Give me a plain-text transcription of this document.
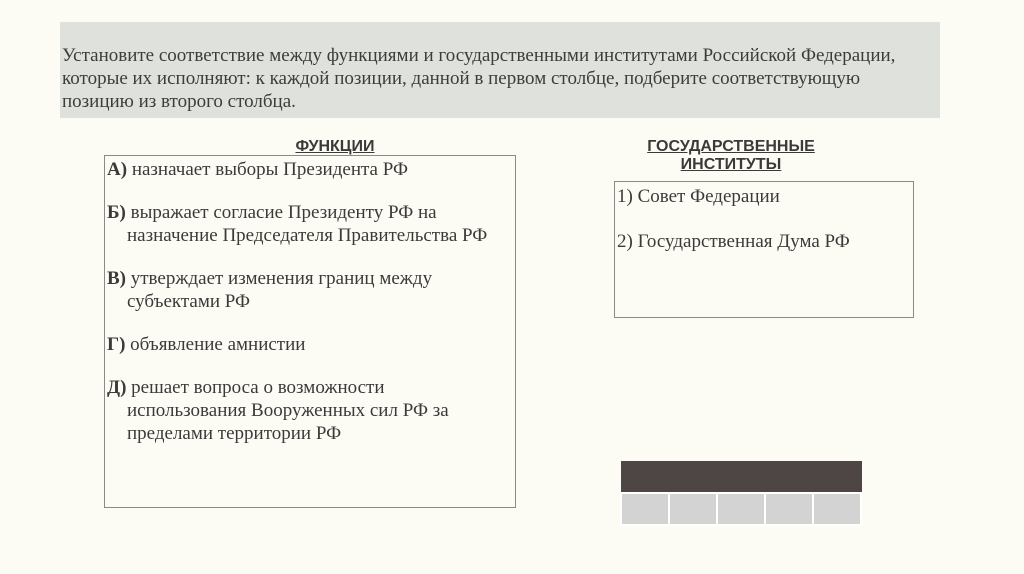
Установите соответствие между функциями и государственными институтами Российской Федерации, которые их исполняют: к каждой позиции, данной в первом столбце, подберите соответствующую позицию из второго столбца.
ФУНКЦИИ	ГОСУДАРСТВЕННЫЕ ИНСТИТУТЫ
А) назначает выборы Президента РФ
Б) выражает согласие Президенту РФ на назначение Председателя Правительства РФ
В) утверждает изменения границ между субъектами РФ
Г) объявление амнистии
Д) решает вопроса о возможности использования Вооруженных сил РФ за пределами территории РФ
1) Совет Федерации
2) Государственная Дума РФ
